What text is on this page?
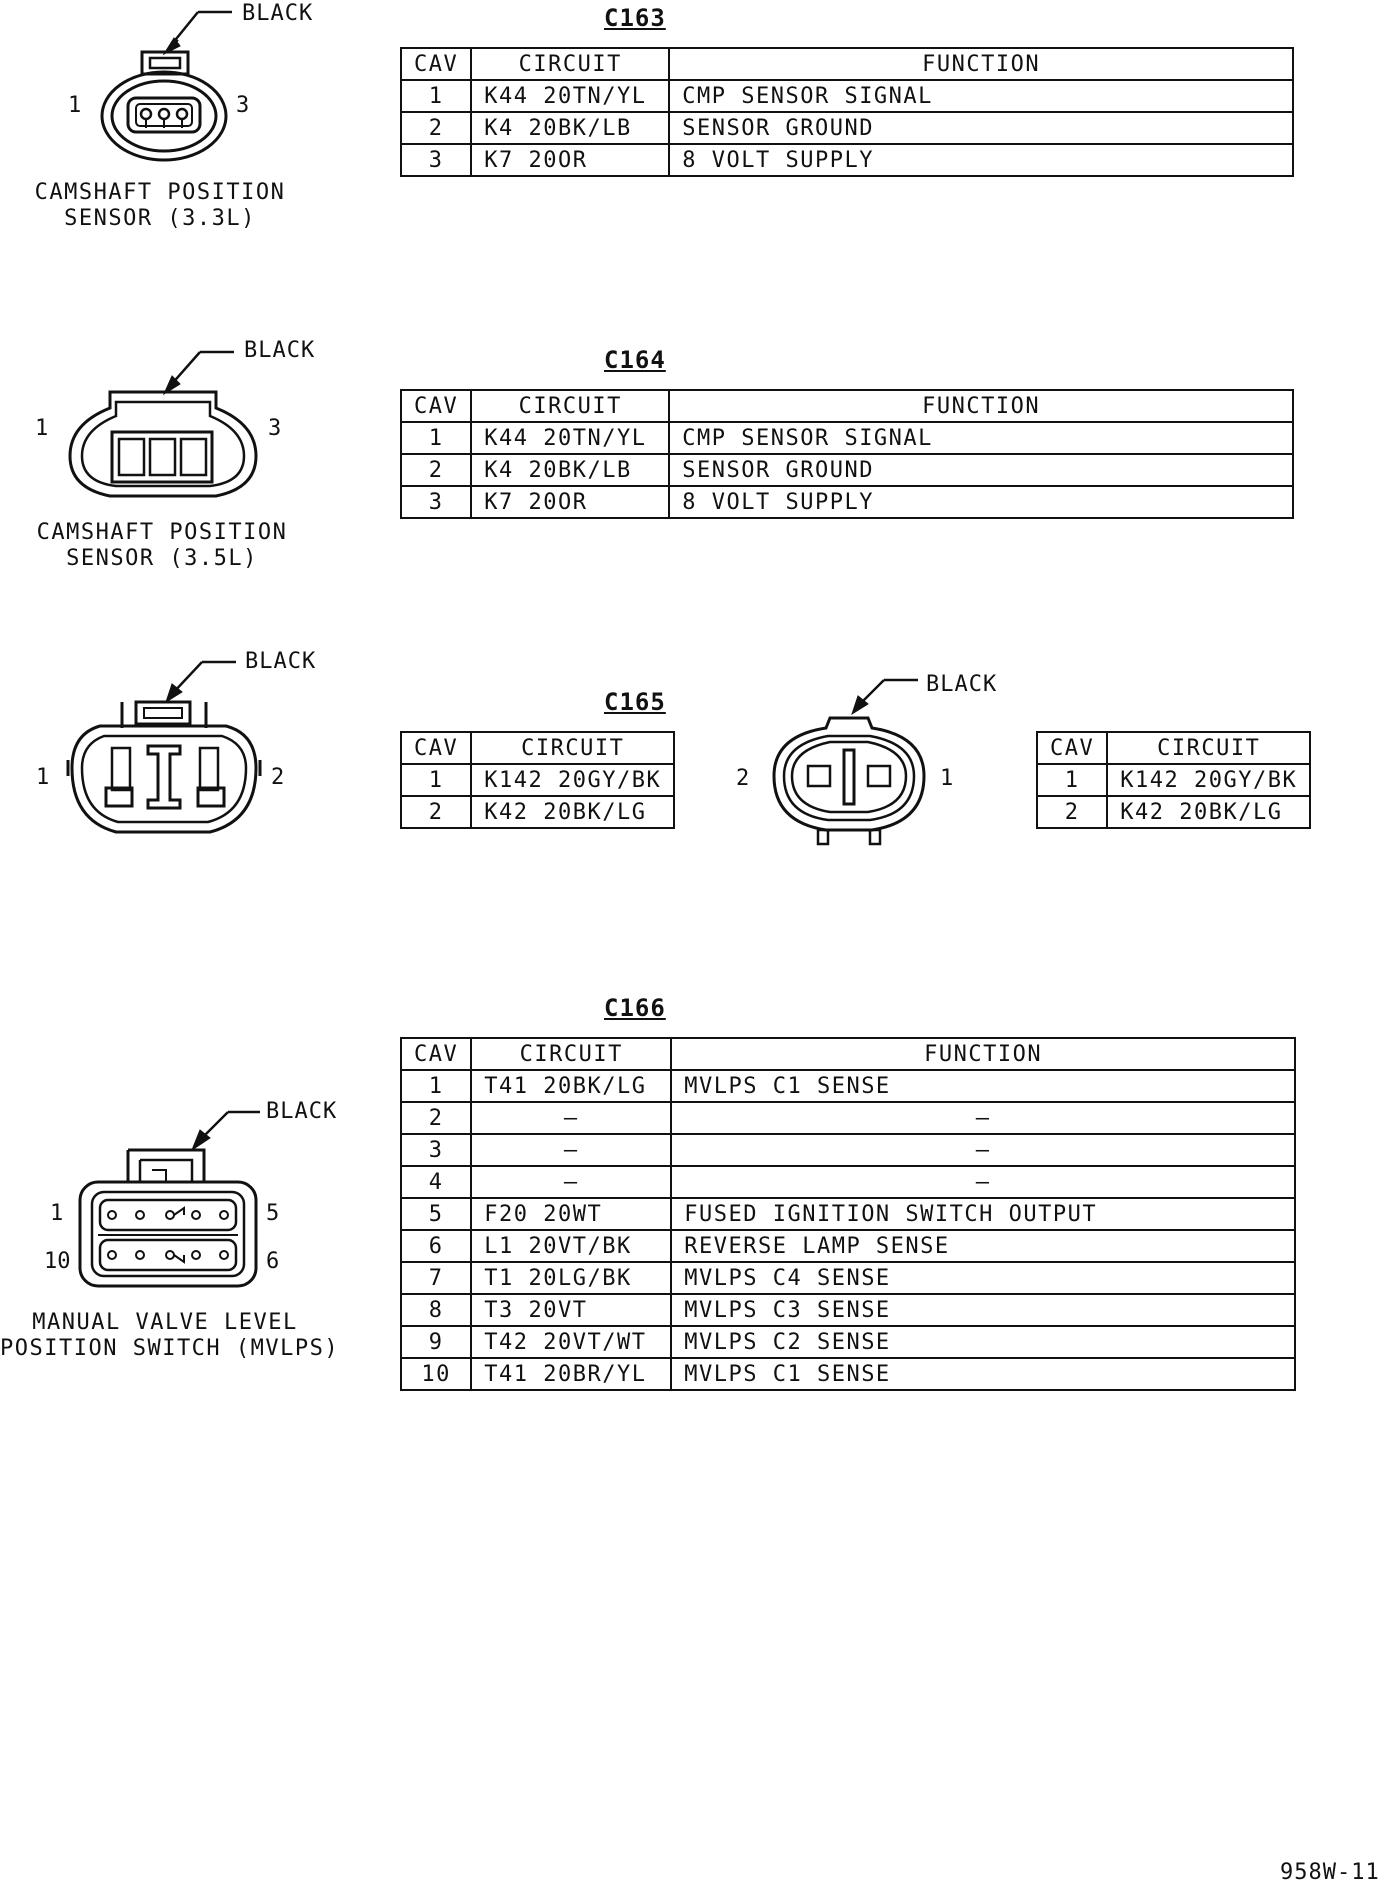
BLACK
1	3
CAMSHAFT POSITION
SENSOR (3.3L)
C163
CAV	CIRCUIT	FUNCTION
1	K44 20TN/YL	CMP SENSOR SIGNAL
2	K4 20BK/LB	SENSOR GROUND
3	K7 20OR	8 VOLT SUPPLY
BLACK
1	3
CAMSHAFT POSITION
SENSOR (3.5L)
C164
CAV	CIRCUIT	FUNCTION
1	K44 20TN/YL	CMP SENSOR SIGNAL
2	K4 20BK/LB	SENSOR GROUND
3	K7 20OR	8 VOLT SUPPLY
BLACK
1	2
C165
CAV	CIRCUIT
1	K142 20GY/BK
2	K42 20BK/LG
BLACK
2	1
CAV	CIRCUIT
1	K142 20GY/BK
2	K42 20BK/LG
BLACK
1	5
10	6
MANUAL VALVE LEVEL
POSITION SWITCH (MVLPS)
C166
CAV	CIRCUIT	FUNCTION
1	T41 20BK/LG	MVLPS C1 SENSE
2	–	–
3	–	–
4	–	–
5	F20 20WT	FUSED IGNITION SWITCH OUTPUT
6	L1 20VT/BK	REVERSE LAMP SENSE
7	T1 20LG/BK	MVLPS C4 SENSE
8	T3 20VT	MVLPS C3 SENSE
9	T42 20VT/WT	MVLPS C2 SENSE
10	T41 20BR/YL	MVLPS C1 SENSE
958W-11
